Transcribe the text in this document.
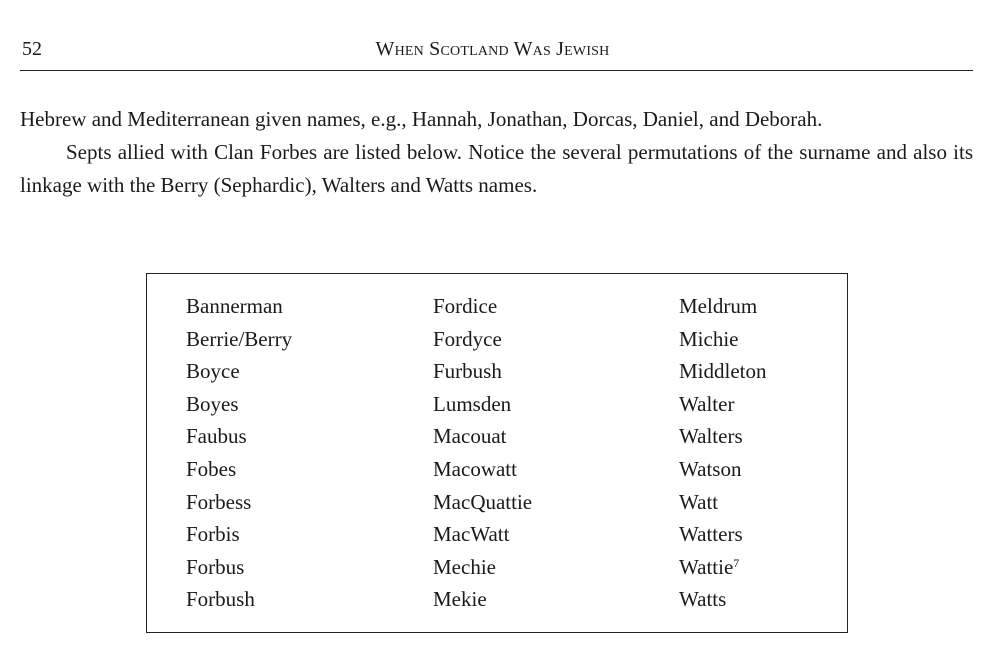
52	When Scotland Was Jewish

Hebrew and Mediterranean given names, e.g., Hannah, Jonathan, Dorcas, Daniel, and Deborah.

Septs allied with Clan Forbes are listed below. Notice the several permutations of the surname and also its linkage with the Berry (Sephardic), Walters and Watts names.

Bannerman
Berrie/Berry
Boyce
Boyes
Faubus
Fobes
Forbess
Forbis
Forbus
Forbush
Fordice
Fordyce
Furbush
Lumsden
Macouat
Macowatt
MacQuattie
MacWatt
Mechie
Mekie
Meldrum
Michie
Middleton
Walter
Walters
Watson
Watt
Watters
Wattie$^7$
Watts
